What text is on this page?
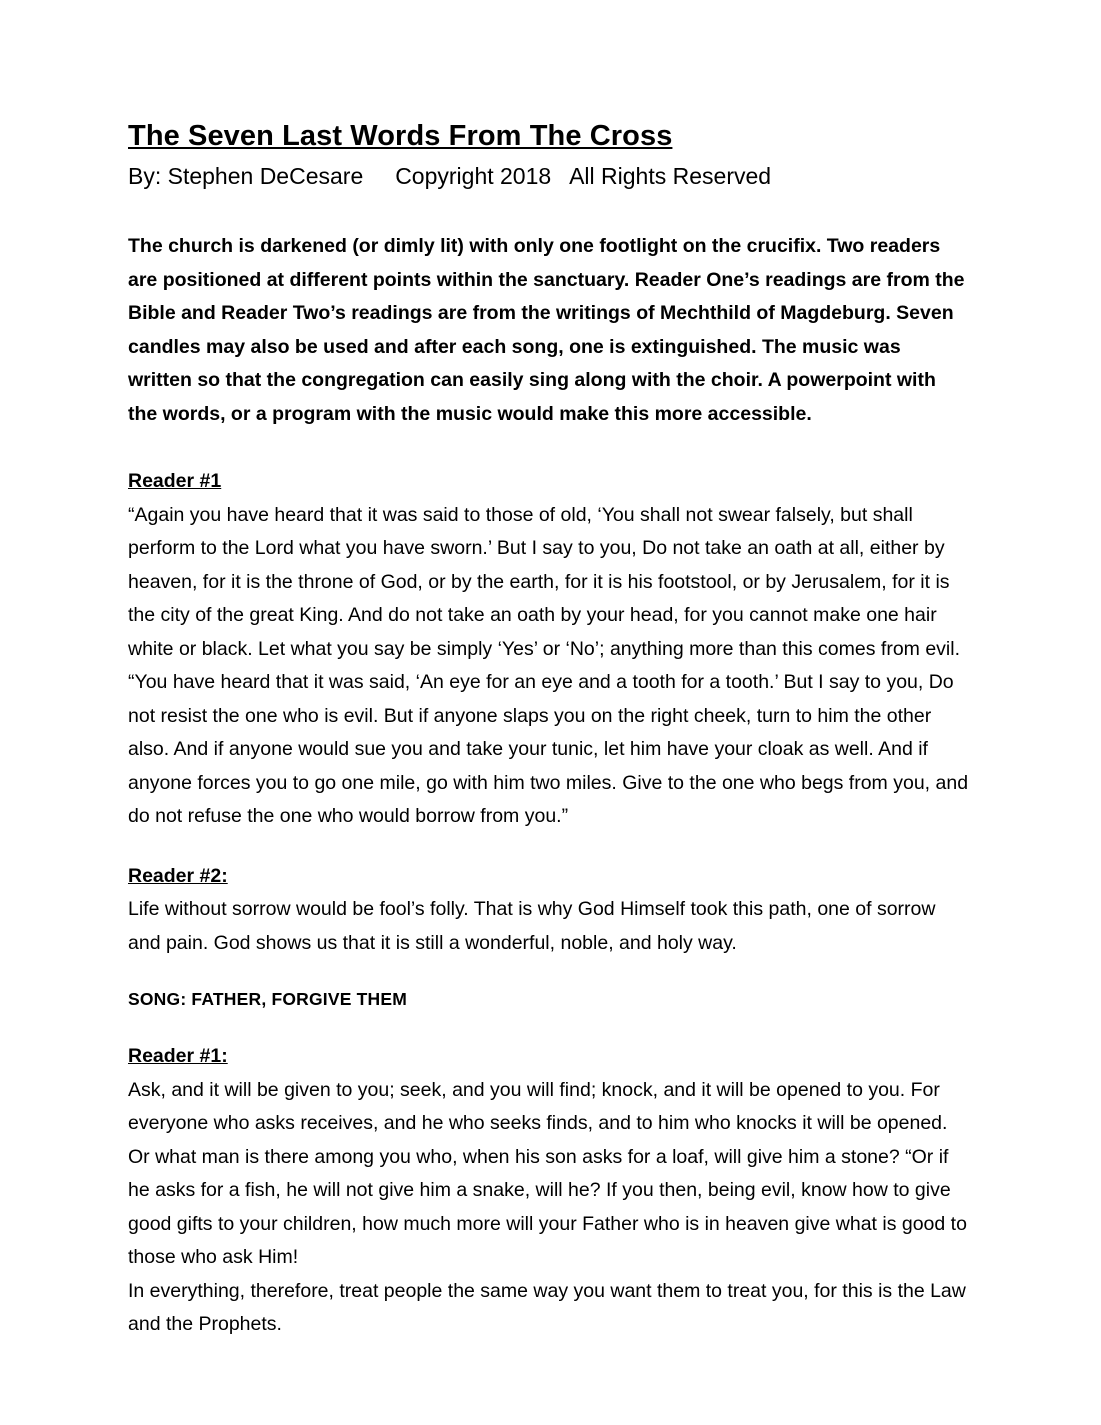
The Seven Last Words From The Cross
By: Stephen DeCesare     Copyright 2018   All Rights Reserved

The church is darkened (or dimly lit) with only one footlight on the crucifix. Two readers are positioned at different points within the sanctuary. Reader One’s readings are from the Bible and Reader Two’s readings are from the writings of Mechthild of Magdeburg. Seven candles may also be used and after each song, one is extinguished. The music was written so that the congregation can easily sing along with the choir. A powerpoint with the words, or a program with the music would make this more accessible.

Reader #1

“Again you have heard that it was said to those of old, ‘You shall not swear falsely, but shall perform to the Lord what you have sworn.’ But I say to you, Do not take an oath at all, either by heaven, for it is the throne of God, or by the earth, for it is his footstool, or by Jerusalem, for it is the city of the great King. And do not take an oath by your head, for you cannot make one hair white or black. Let what you say be simply ‘Yes’ or ‘No’; anything more than this comes from evil. “You have heard that it was said, ‘An eye for an eye and a tooth for a tooth.’ But I say to you, Do not resist the one who is evil. But if anyone slaps you on the right cheek, turn to him the other also. And if anyone would sue you and take your tunic, let him have your cloak as well. And if anyone forces you to go one mile, go with him two miles. Give to the one who begs from you, and do not refuse the one who would borrow from you.”

Reader #2:

Life without sorrow would be fool’s folly. That is why God Himself took this path, one of sorrow and pain. God shows us that it is still a wonderful, noble, and holy way.

SONG: FATHER, FORGIVE THEM
Reader #1:

Ask, and it will be given to you; seek, and you will find; knock, and it will be opened to you. For everyone who asks receives, and he who seeks finds, and to him who knocks it will be opened. Or what man is there among you who, when his son asks for a loaf, will give him a stone? “Or if he asks for a fish, he will not give him a snake, will he? If you then, being evil, know how to give good gifts to your children, how much more will your Father who is in heaven give what is good to those who ask Him!

In everything, therefore, treat people the same way you want them to treat you, for this is the Law and the Prophets.
